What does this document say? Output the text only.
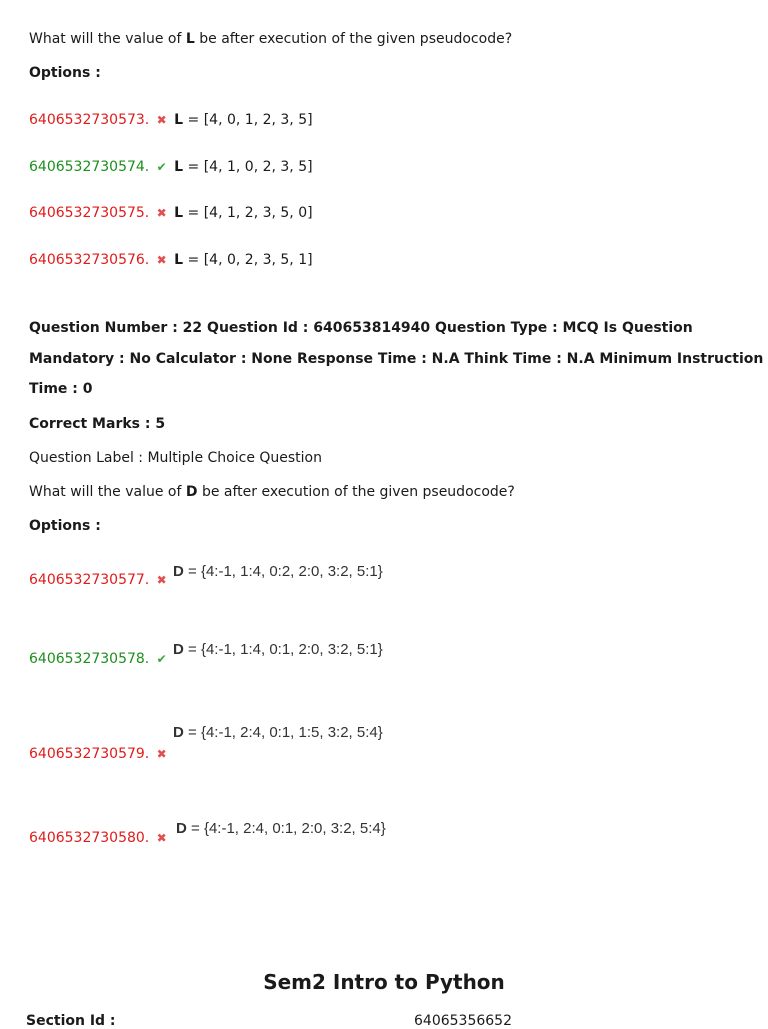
What will the value of L be after execution of the given pseudocode?
Options :
6406532730573. ✖ L = [4, 0, 1, 2, 3, 5]
6406532730574. ✔ L = [4, 1, 0, 2, 3, 5]
6406532730575. ✖ L = [4, 1, 2, 3, 5, 0]
6406532730576. ✖ L = [4, 0, 2, 3, 5, 1]
Question Number : 22 Question Id : 640653814940 Question Type : MCQ Is Question
Mandatory : No Calculator : None Response Time : N.A Think Time : N.A Minimum Instruction
Time : 0
Correct Marks : 5
Question Label : Multiple Choice Question
What will the value of D be after execution of the given pseudocode?
Options :
6406532730577. ✖ D = {4:-1, 1:4, 0:2, 2:0, 3:2, 5:1}
6406532730578. ✔
D = {4:-1, 1:4, 0:1, 2:0, 3:2, 5:1}
6406532730579. ✖
D = {4:-1, 2:4, 0:1, 1:5, 3:2, 5:4}
6406532730580. ✖
D = {4:-1, 2:4, 0:1, 2:0, 3:2, 5:4}
Sem2 Intro to Python
Section Id :	64065356652
